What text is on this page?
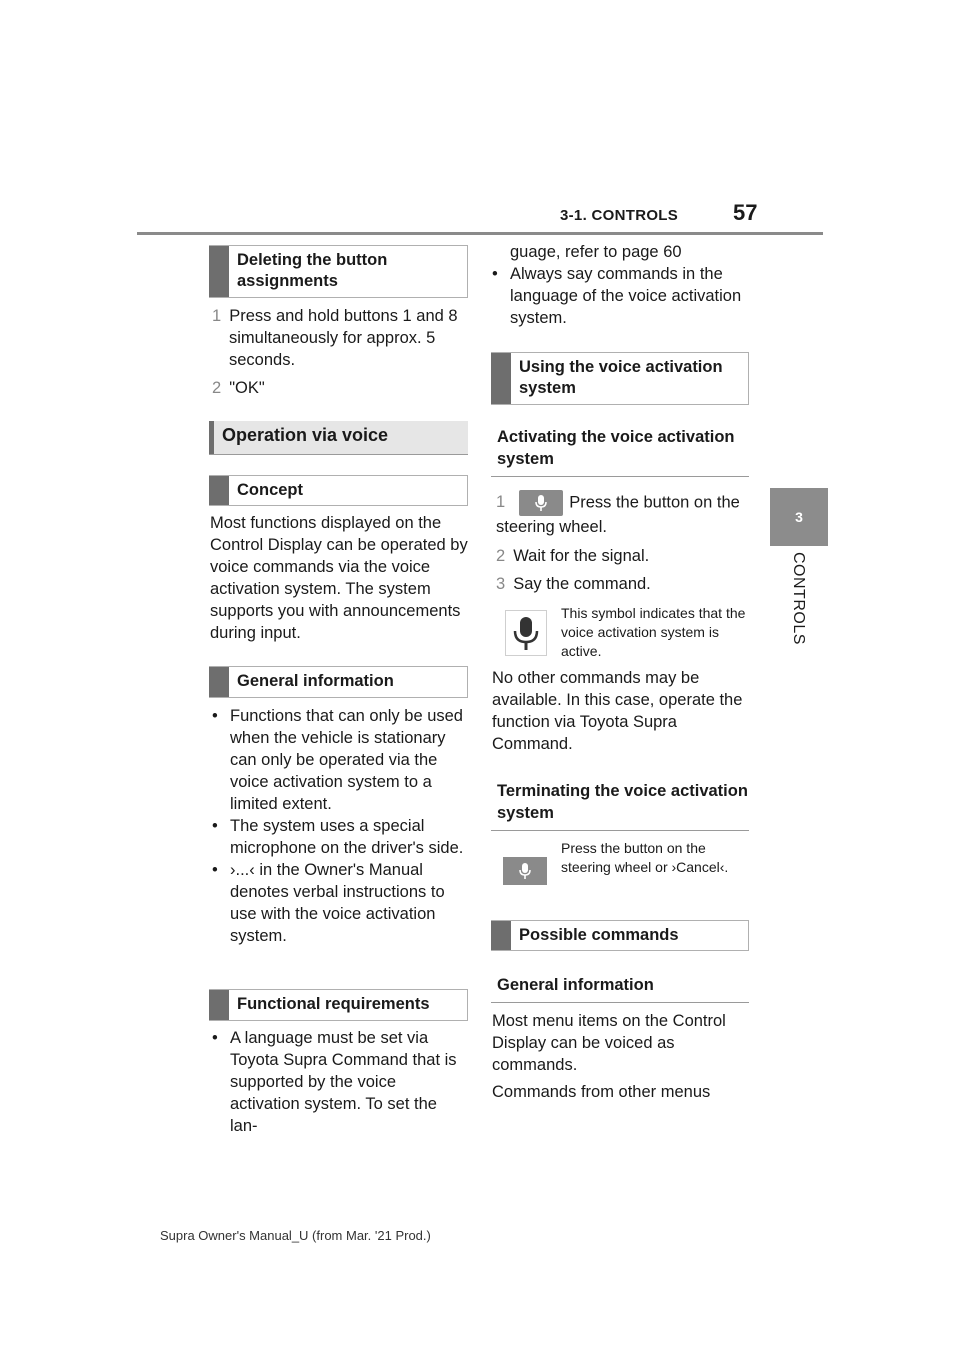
3-1. CONTROLS 57
3
CONTROLS
Deleting the button assignments
1 Press and hold buttons 1 and 8 simultaneously for approx. 5 seconds.
2 "OK"
Operation via voice
Concept
Most functions displayed on the Control Display can be operated by voice commands via the voice activation system. The system supports you with announcements during input.
General information
• Functions that can only be used when the vehicle is stationary can only be operated via the voice activation system to a limited extent.
• The system uses a special microphone on the driver's side.
• ›...‹ in the Owner's Manual denotes verbal instructions to use with the voice activation system.
Functional requirements
• A language must be set via Toyota Supra Command that is supported by the voice activation system. To set the lan-
guage, refer to page 60
• Always say commands in the language of the voice activation system.
Using the voice activation system
Activating the voice activation system
1	Press the button on the steering wheel.
2 Wait for the signal.
3 Say the command.
This symbol indicates that the voice activation system is active.
No other commands may be available. In this case, operate the function via Toyota Supra Command.
Terminating the voice activation system
Press the button on the steering wheel or ›Cancel‹.
Possible commands
General information
Most menu items on the Control Display can be voiced as commands.
Commands from other menus
Supra Owner's Manual_U (from Mar. '21 Prod.)
